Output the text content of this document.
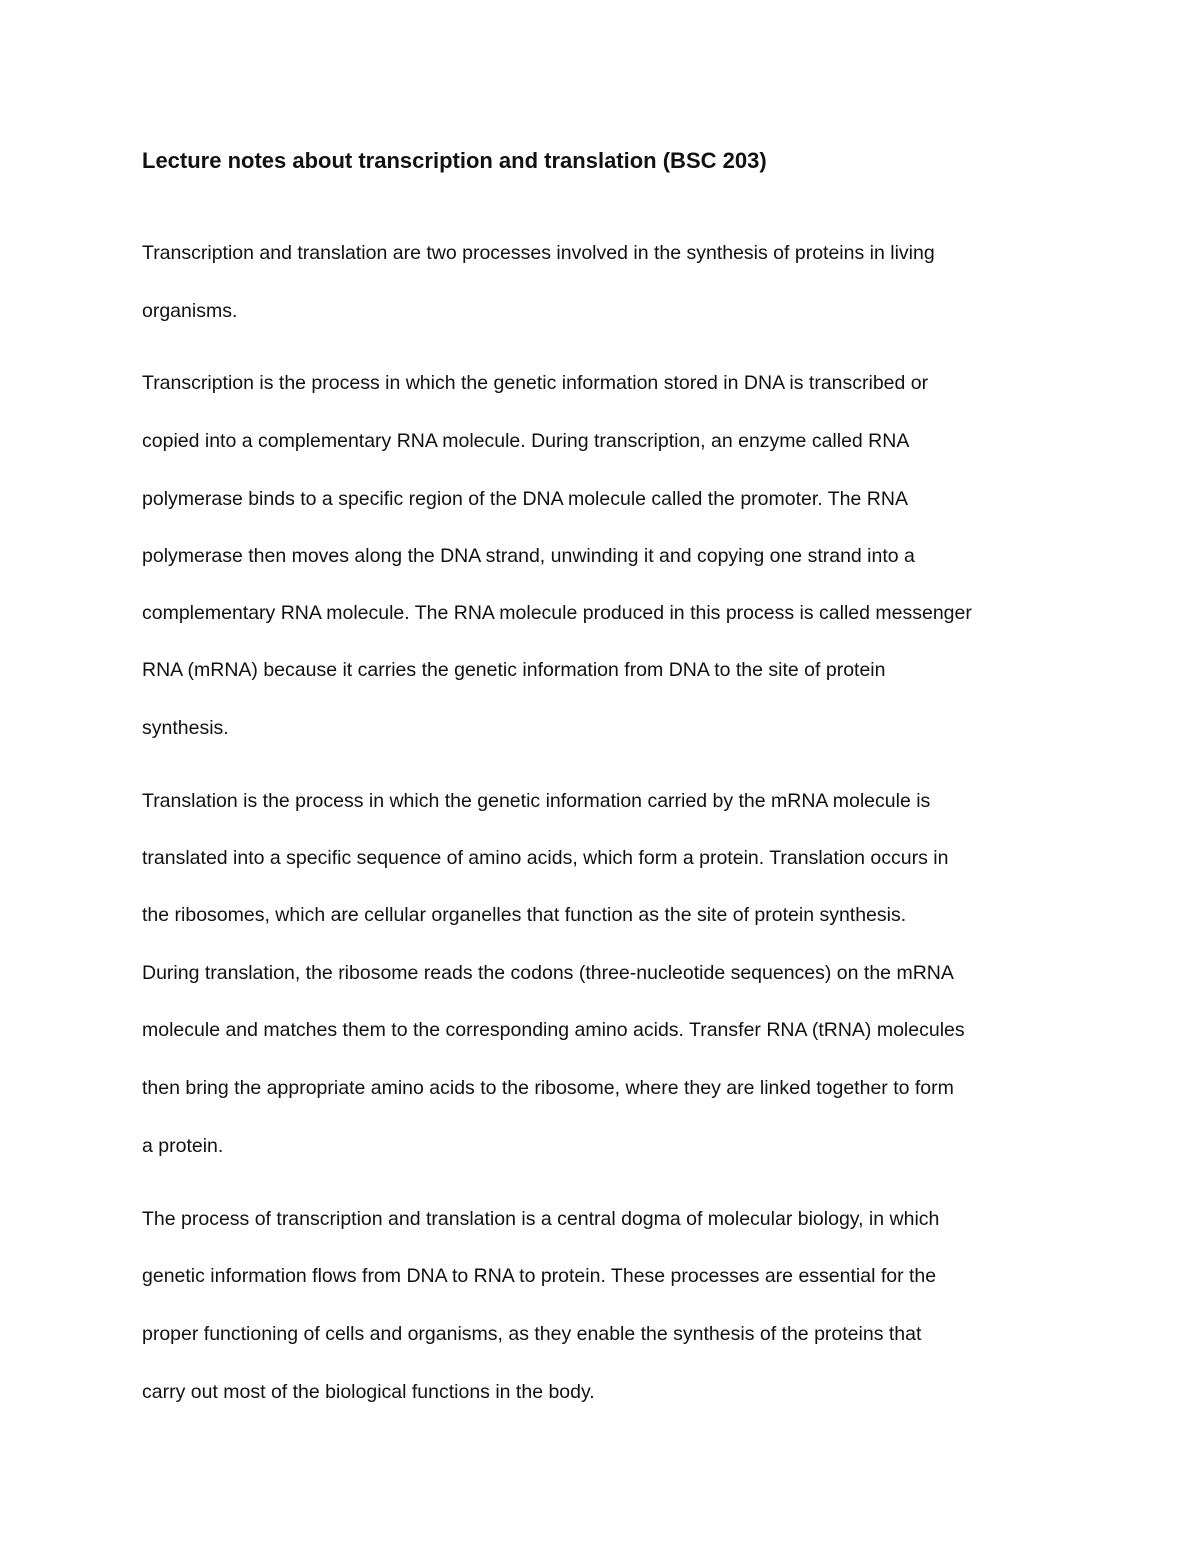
Lecture notes about transcription and translation (BSC 203)

Transcription and translation are two processes involved in the synthesis of proteins in living

organisms.

Transcription is the process in which the genetic information stored in DNA is transcribed or

copied into a complementary RNA molecule. During transcription, an enzyme called RNA

polymerase binds to a specific region of the DNA molecule called the promoter. The RNA

polymerase then moves along the DNA strand, unwinding it and copying one strand into a

complementary RNA molecule. The RNA molecule produced in this process is called messenger

RNA (mRNA) because it carries the genetic information from DNA to the site of protein

synthesis.

Translation is the process in which the genetic information carried by the mRNA molecule is

translated into a specific sequence of amino acids, which form a protein. Translation occurs in

the ribosomes, which are cellular organelles that function as the site of protein synthesis.

During translation, the ribosome reads the codons (three-nucleotide sequences) on the mRNA

molecule and matches them to the corresponding amino acids. Transfer RNA (tRNA) molecules

then bring the appropriate amino acids to the ribosome, where they are linked together to form

a protein.

The process of transcription and translation is a central dogma of molecular biology, in which

genetic information flows from DNA to RNA to protein. These processes are essential for the

proper functioning of cells and organisms, as they enable the synthesis of the proteins that

carry out most of the biological functions in the body.
